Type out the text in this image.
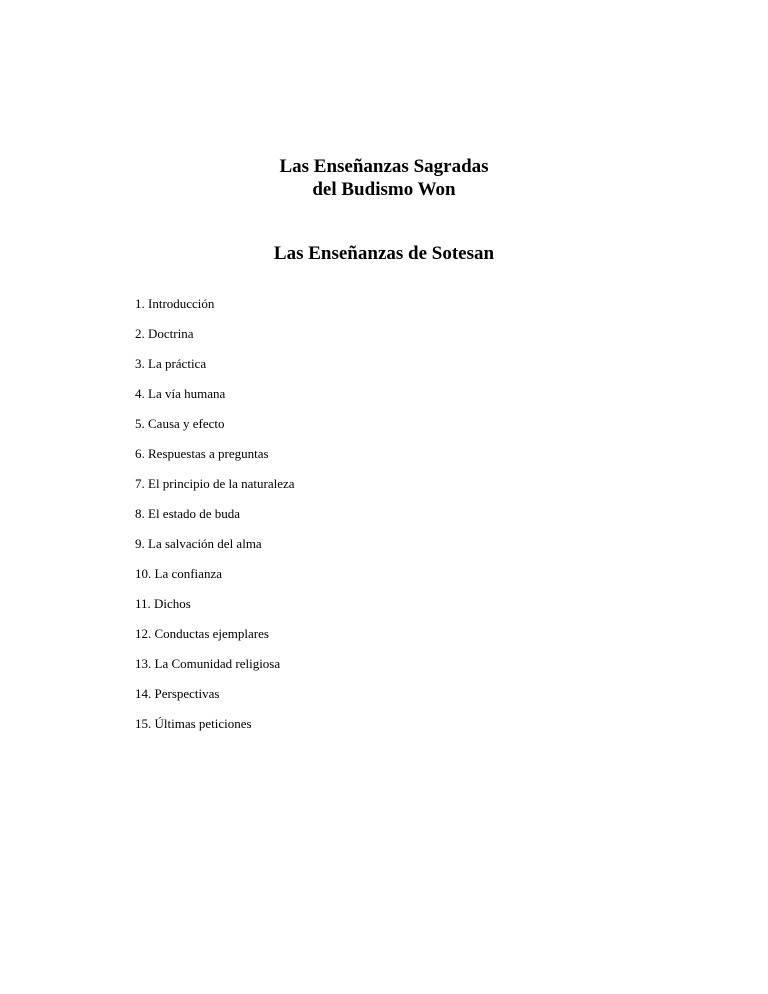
Las Enseñanzas Sagradas
del Budismo Won
Las Enseñanzas de Sotesan
1. Introducción
2. Doctrina
3. La práctica
4. La vía humana
5. Causa y efecto
6. Respuestas a preguntas
7. El principio de la naturaleza
8. El estado de buda
9. La salvación del alma
10. La confianza
11. Dichos
12. Conductas ejemplares
13. La Comunidad religiosa
14. Perspectivas
15. Últimas peticiones
